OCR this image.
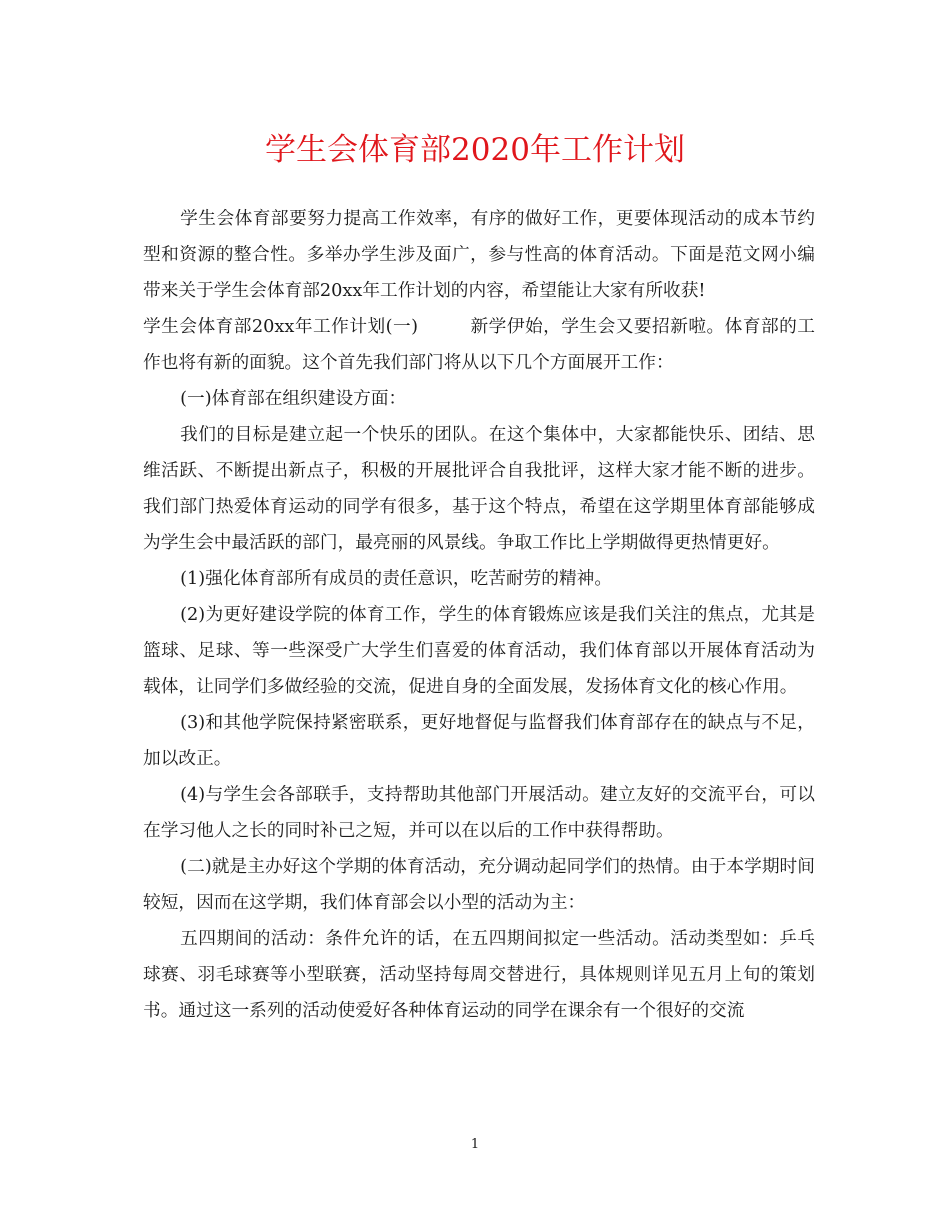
学生会体育部2020年工作计划

学生会体育部要努力提高工作效率，有序的做好工作，更要体现活动的成本节约型和资源的整合性。多举办学生涉及面广，参与性高的体育活动。下面是范文网小编带来关于学生会体育部20xx年工作计划的内容，希望能让大家有所收获!

学生会体育部20xx年工作计划(一)	新学伊始，学生会又要招新啦。体育部的工作也将有新的面貌。这个首先我们部门将从以下几个方面展开工作：

(一)体育部在组织建设方面：

我们的目标是建立起一个快乐的团队。在这个集体中，大家都能快乐、团结、思维活跃、不断提出新点子，积极的开展批评合自我批评，这样大家才能不断的进步。我们部门热爱体育运动的同学有很多，基于这个特点，希望在这学期里体育部能够成为学生会中最活跃的部门，最亮丽的风景线。争取工作比上学期做得更热情更好。

(1)强化体育部所有成员的责任意识，吃苦耐劳的精神。

(2)为更好建设学院的体育工作，学生的体育锻炼应该是我们关注的焦点，尤其是篮球、足球、等一些深受广大学生们喜爱的体育活动，我们体育部以开展体育活动为载体，让同学们多做经验的交流，促进自身的全面发展，发扬体育文化的核心作用。

(3)和其他学院保持紧密联系，更好地督促与监督我们体育部存在的缺点与不足，加以改正。

(4)与学生会各部联手，支持帮助其他部门开展活动。建立友好的交流平台，可以在学习他人之长的同时补己之短，并可以在以后的工作中获得帮助。

(二)就是主办好这个学期的体育活动，充分调动起同学们的热情。由于本学期时间较短，因而在这学期，我们体育部会以小型的活动为主：

五四期间的活动：条件允许的话，在五四期间拟定一些活动。活动类型如：乒乓球赛、羽毛球赛等小型联赛，活动坚持每周交替进行，具体规则详见五月上旬的策划书。通过这一系列的活动使爱好各种体育运动的同学在课余有一个很好的交流

1
